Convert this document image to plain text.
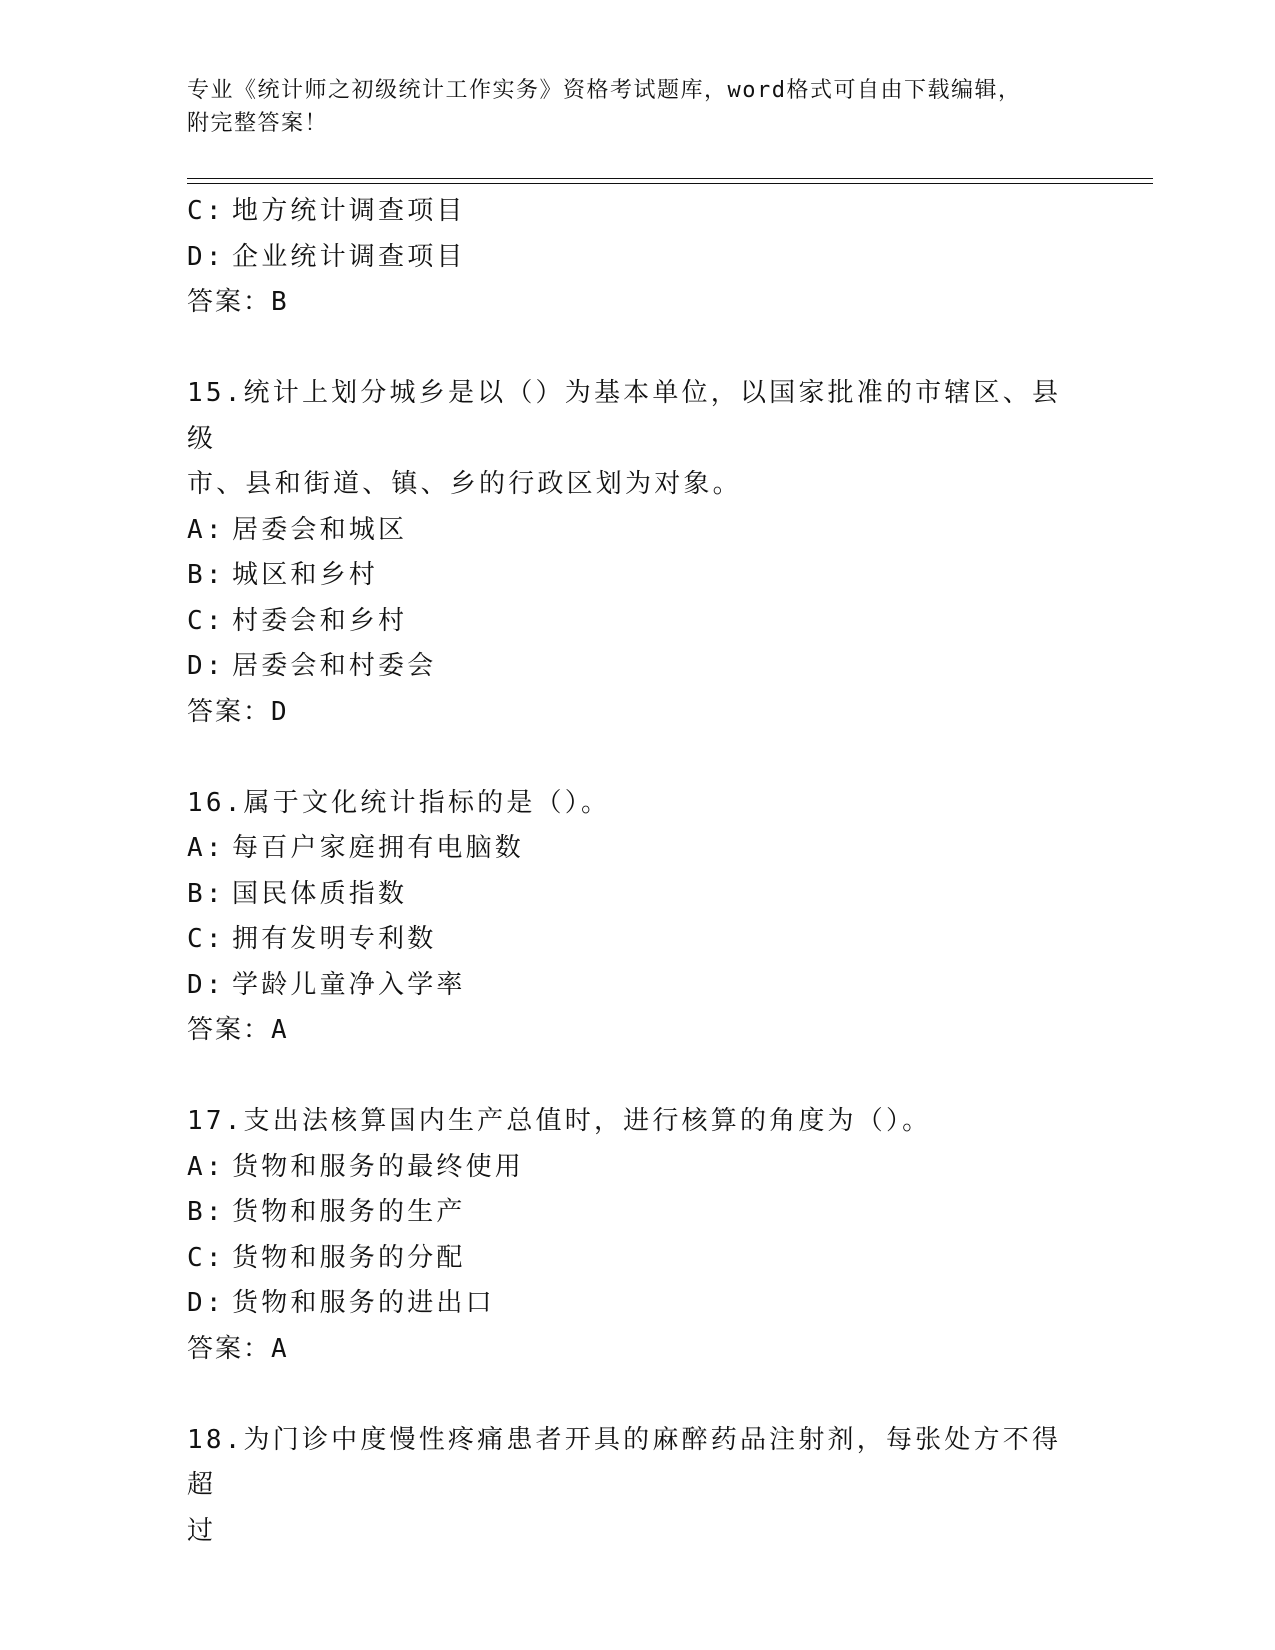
专业《统计师之初级统计工作实务》资格考试题库，word格式可自由下载编辑，
附完整答案！
C: 地方统计调查项目
D: 企业统计调查项目
答案：B
15.统计上划分城乡是以（）为基本单位，以国家批准的市辖区、县级
市、县和街道、镇、乡的行政区划为对象。
A: 居委会和城区
B: 城区和乡村
C: 村委会和乡村
D: 居委会和村委会
答案：D
16.属于文化统计指标的是（）。
A: 每百户家庭拥有电脑数
B: 国民体质指数
C: 拥有发明专利数
D: 学龄儿童净入学率
答案：A
17.支出法核算国内生产总值时，进行核算的角度为（）。
A: 货物和服务的最终使用
B: 货物和服务的生产
C: 货物和服务的分配
D: 货物和服务的进出口
答案：A
18.为门诊中度慢性疼痛患者开具的麻醉药品注射剂，每张处方不得超
过
